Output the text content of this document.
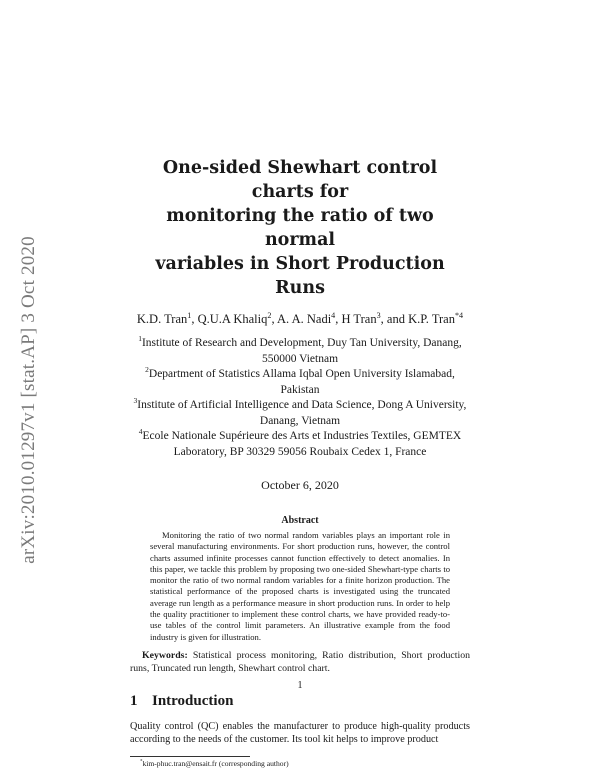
arXiv:2010.01297v1 [stat.AP] 3 Oct 2020
One-sided Shewhart control charts for
monitoring the ratio of two normal
variables in Short Production Runs
K.D. Tran$^1$, Q.U.A Khaliq$^2$, A. A. Nadi$^4$, H Tran$^3$, and K.P. Tran$^{*4}$
$^1$Institute of Research and Development, Duy Tan University, Danang, 550000 Vietnam
$^2$Department of Statistics Allama Iqbal Open University Islamabad, Pakistan
$^3$Institute of Artificial Intelligence and Data Science, Dong A University, Danang, Vietnam
$^4$Ecole Nationale Supérieure des Arts et Industries Textiles, GEMTEX Laboratory, BP 30329 59056 Roubaix Cedex 1, France
October 6, 2020
Abstract

Monitoring the ratio of two normal random variables plays an important role in several manufacturing environments. For short production runs, however, the control charts assumed infinite processes cannot function effectively to detect anomalies. In this paper, we tackle this problem by proposing two one-sided Shewhart-type charts to monitor the ratio of two normal random variables for a finite horizon production. The statistical performance of the proposed charts is investigated using the truncated average run length as a performance measure in short production runs. In order to help the quality practitioner to implement these control charts, we have provided ready-to-use tables of the control limit parameters. An illustrative example from the food industry is given for illustration.

Keywords: Statistical process monitoring, Ratio distribution, Short production runs, Truncated run length, Shewhart control chart.
1 Introduction

Quality control (QC) enables the manufacturer to produce high-quality products according to the needs of the customer. Its tool kit helps to improve product

*kim-phuc.tran@ensait.fr (corresponding author)
1
